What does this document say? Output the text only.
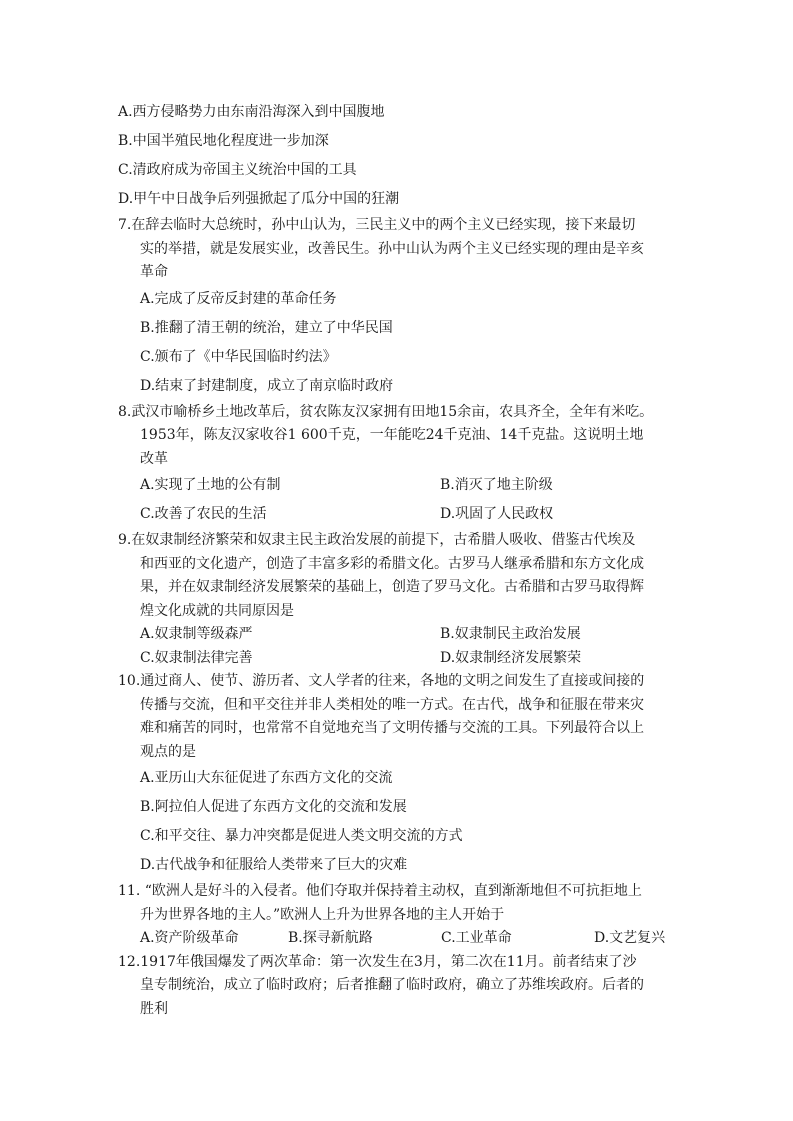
A.西方侵略势力由东南沿海深入到中国腹地
B.中国半殖民地化程度进一步加深
C.清政府成为帝国主义统治中国的工具
D.甲午中日战争后列强掀起了瓜分中国的狂潮
7.在辞去临时大总统时，孙中山认为，三民主义中的两个主义已经实现，接下来最切
实的举措，就是发展实业，改善民生。孙中山认为两个主义已经实现的理由是辛亥
革命
A.完成了反帝反封建的革命任务
B.推翻了清王朝的统治，建立了中华民国
C.颁布了《中华民国临时约法》
D.结束了封建制度，成立了南京临时政府
8.武汉市喻桥乡土地改革后，贫农陈友汉家拥有田地15余亩，农具齐全，全年有米吃。
1953年，陈友汉家收谷1 600千克，一年能吃24千克油、14千克盐。这说明土地
改革
A.实现了土地的公有制	B.消灭了地主阶级
C.改善了农民的生活	D.巩固了人民政权
9.在奴隶制经济繁荣和奴隶主民主政治发展的前提下，古希腊人吸收、借鉴古代埃及
和西亚的文化遗产，创造了丰富多彩的希腊文化。古罗马人继承希腊和东方文化成
果，并在奴隶制经济发展繁荣的基础上，创造了罗马文化。古希腊和古罗马取得辉
煌文化成就的共同原因是
A.奴隶制等级森严	B.奴隶制民主政治发展
C.奴隶制法律完善	D.奴隶制经济发展繁荣
10.通过商人、使节、游历者、文人学者的往来，各地的文明之间发生了直接或间接的
传播与交流，但和平交往并非人类相处的唯一方式。在古代，战争和征服在带来灾
难和痛苦的同时，也常常不自觉地充当了文明传播与交流的工具。下列最符合以上
观点的是
A.亚历山大东征促进了东西方文化的交流
B.阿拉伯人促进了东西方文化的交流和发展
C.和平交往、暴力冲突都是促进人类文明交流的方式
D.古代战争和征服给人类带来了巨大的灾难
11. “欧洲人是好斗的入侵者。他们夺取并保持着主动权，直到渐渐地但不可抗拒地上
升为世界各地的主人。”欧洲人上升为世界各地的主人开始于
A.资产阶级革命	B.探寻新航路	C.工业革命	D.文艺复兴
12.1917年俄国爆发了两次革命：第一次发生在3月，第二次在11月。前者结束了沙
皇专制统治，成立了临时政府；后者推翻了临时政府，确立了苏维埃政府。后者的
胜利
